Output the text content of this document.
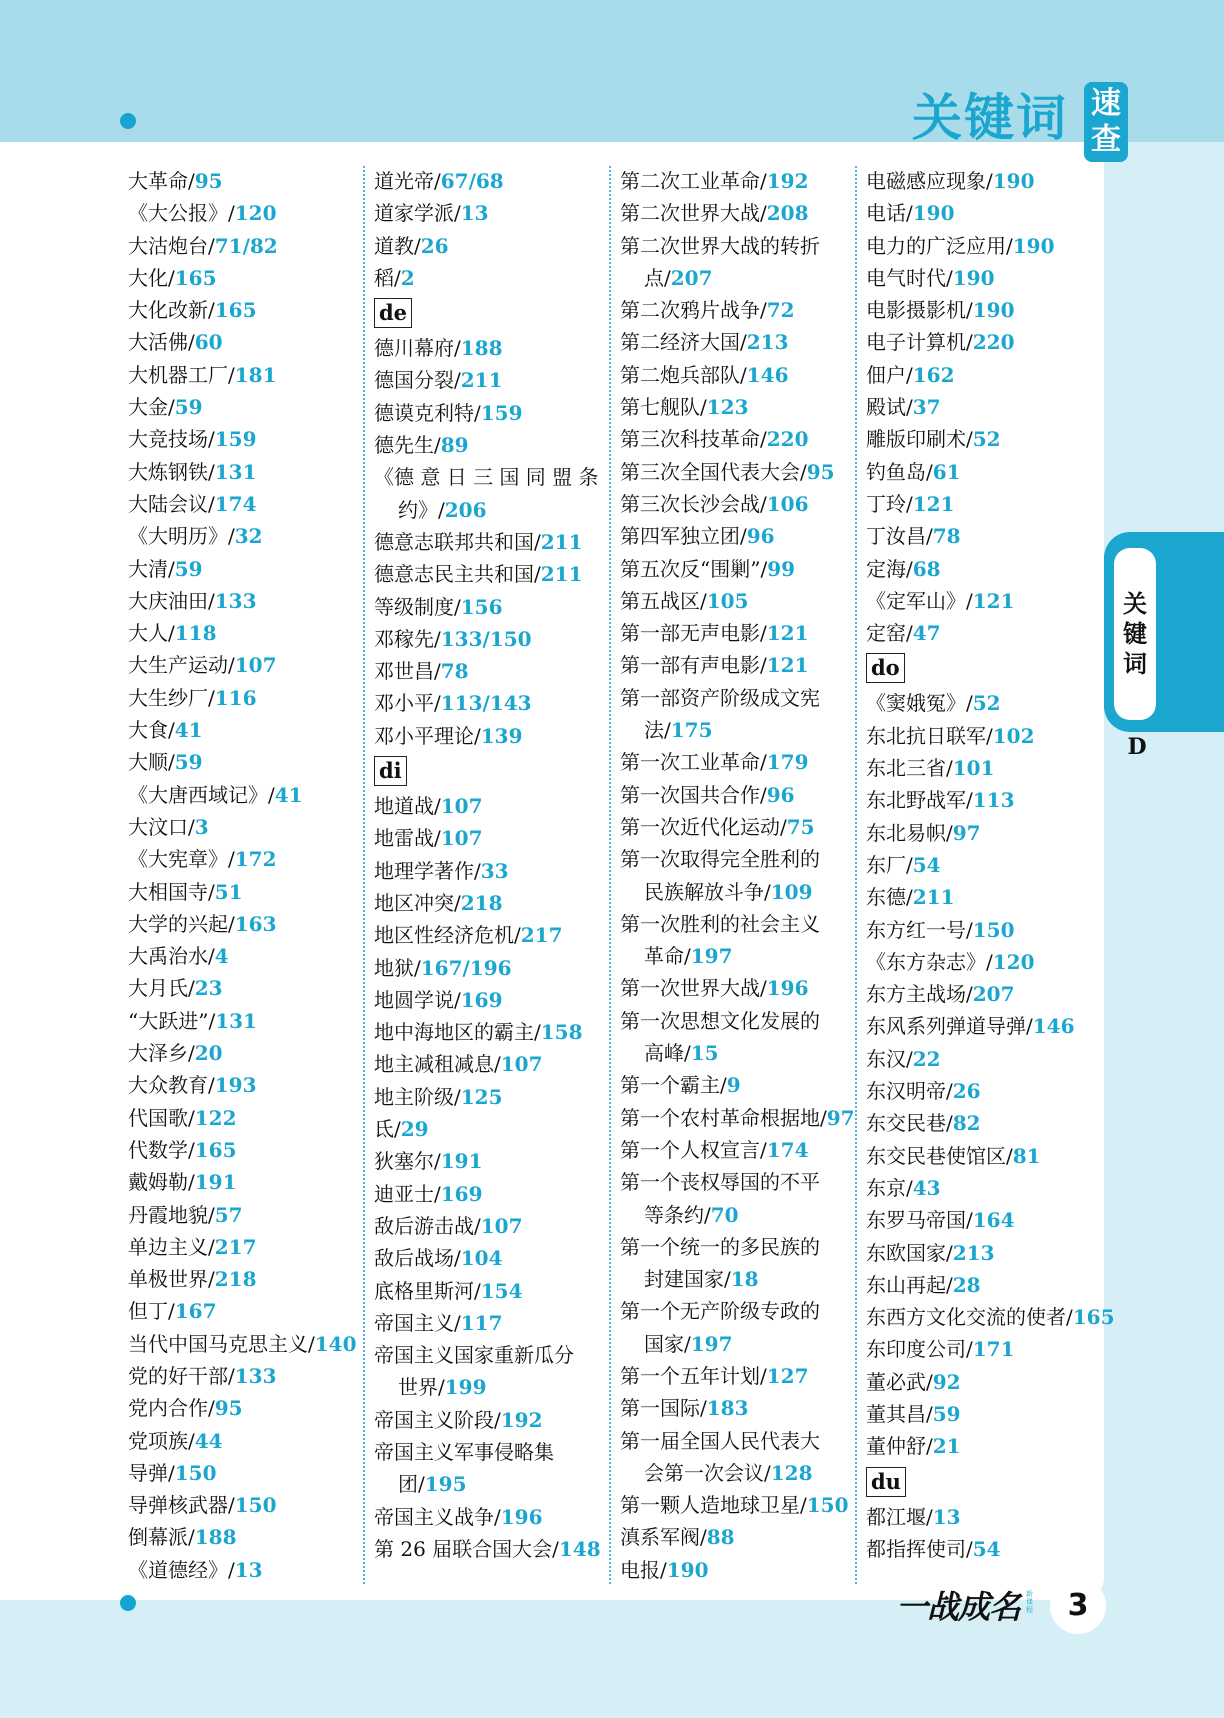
关键词 速
查
关
键
词
D
大革命/95
《大公报》/120
大沽炮台/71/82
大化/165
大化改新/165
大活佛/60
大机器工厂/181
大金/59
大竞技场/159
大炼钢铁/131
大陆会议/174
《大明历》/32
大清/59
大庆油田/133
大人/118
大生产运动/107
大生纱厂/116
大食/41
大顺/59
《大唐西域记》/41
大汶口/3
《大宪章》/172
大相国寺/51
大学的兴起/163
大禹治水/4
大月氏/23
“大跃进”/131
大泽乡/20
大众教育/193
代国歌/122
代数学/165
戴姆勒/191
丹霞地貌/57
单边主义/217
单极世界/218
但丁/167
当代中国马克思主义/140
党的好干部/133
党内合作/95
党项族/44
导弹/150
导弹核武器/150
倒幕派/188
《道德经》/13
道光帝/67/68
道家学派/13
道教/26
稻/2
de
德川幕府/188
德国分裂/211
德谟克利特/159
德先生/89
《德 意 日 三 国 同 盟 条
约》/206
德意志联邦共和国/211
德意志民主共和国/211
等级制度/156
邓稼先/133/150
邓世昌/78
邓小平/113/143
邓小平理论/139
di
地道战/107
地雷战/107
地理学著作/33
地区冲突/218
地区性经济危机/217
地狱/167/196
地圆学说/169
地中海地区的霸主/158
地主减租减息/107
地主阶级/125
氐/29
狄塞尔/191
迪亚士/169
敌后游击战/107
敌后战场/104
底格里斯河/154
帝国主义/117
帝国主义国家重新瓜分
世界/199
帝国主义阶段/192
帝国主义军事侵略集
团/195
帝国主义战争/196
第 26 届联合国大会/148
第二次工业革命/192
第二次世界大战/208
第二次世界大战的转折
点/207
第二次鸦片战争/72
第二经济大国/213
第二炮兵部队/146
第七舰队/123
第三次科技革命/220
第三次全国代表大会/95
第三次长沙会战/106
第四军独立团/96
第五次反“围剿”/99
第五战区/105
第一部无声电影/121
第一部有声电影/121
第一部资产阶级成文宪
法/175
第一次工业革命/179
第一次国共合作/96
第一次近代化运动/75
第一次取得完全胜利的
民族解放斗争/109
第一次胜利的社会主义
革命/197
第一次世界大战/196
第一次思想文化发展的
高峰/15
第一个霸主/9
第一个农村革命根据地/97
第一个人权宣言/174
第一个丧权辱国的不平
等条约/70
第一个统一的多民族的
封建国家/18
第一个无产阶级专政的
国家/197
第一个五年计划/127
第一国际/183
第一届全国人民代表大
会第一次会议/128
第一颗人造地球卫星/150
滇系军阀/88
电报/190
电磁感应现象/190
电话/190
电力的广泛应用/190
电气时代/190
电影摄影机/190
电子计算机/220
佃户/162
殿试/37
雕版印刷术/52
钓鱼岛/61
丁玲/121
丁汝昌/78
定海/68
《定军山》/121
定窑/47
do
《窦娥冤》/52
东北抗日联军/102
东北三省/101
东北野战军/113
东北易帜/97
东厂/54
东德/211
东方红一号/150
《东方杂志》/120
东方主战场/207
东风系列弹道导弹/146
东汉/22
东汉明帝/26
东交民巷/82
东交民巷使馆区/81
东京/43
东罗马帝国/164
东欧国家/213
东山再起/28
东西方文化交流的使者/165
东印度公司/171
董必武/92
董其昌/59
董仲舒/21
du
都江堰/13
都指挥使司/54
一战成名 新课程	3
